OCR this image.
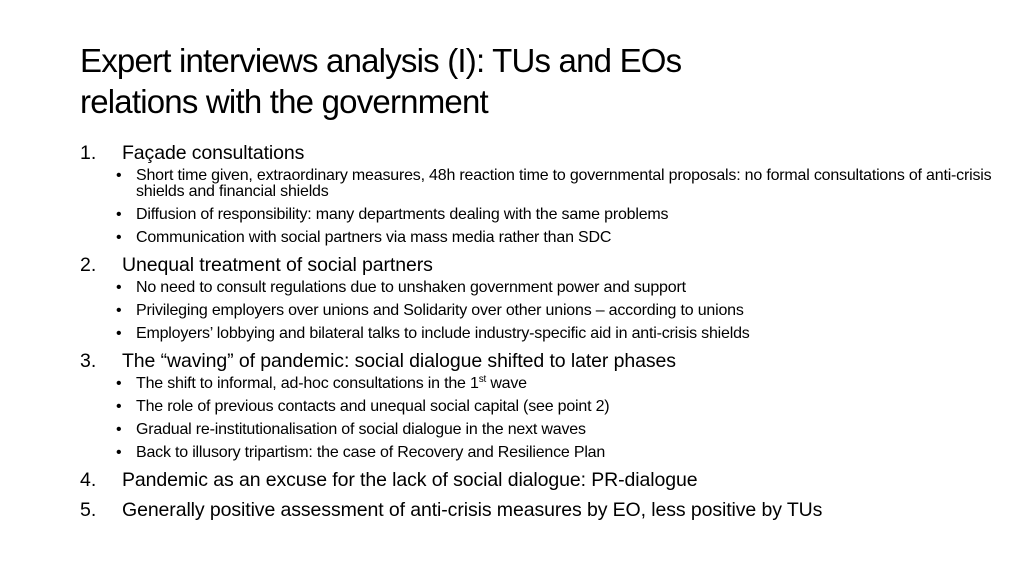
Expert interviews analysis (I): TUs and EOs
relations with the government
1.	Façade consultations
• Short time given, extraordinary measures, 48h reaction time to governmental proposals: no formal consultations of anti-crisis shields and financial shields
• Diffusion of responsibility: many departments dealing with the same problems
• Communication with social partners via mass media rather than SDC
2.	Unequal treatment of social partners
• No need to consult regulations due to unshaken government power and support
• Privileging employers over unions and Solidarity over other unions – according to unions
• Employers’ lobbying and bilateral talks to include industry-specific aid in anti-crisis shields
3.	The “waving” of pandemic: social dialogue shifted to later phases
• The shift to informal, ad-hoc consultations in the 1st wave
• The role of previous contacts and unequal social capital (see point 2)
• Gradual re-institutionalisation of social dialogue in the next waves
• Back to illusory tripartism: the case of Recovery and Resilience Plan
4.	Pandemic as an excuse for the lack of social dialogue: PR-dialogue
5.	Generally positive assessment of anti-crisis measures by EO, less positive by TUs
